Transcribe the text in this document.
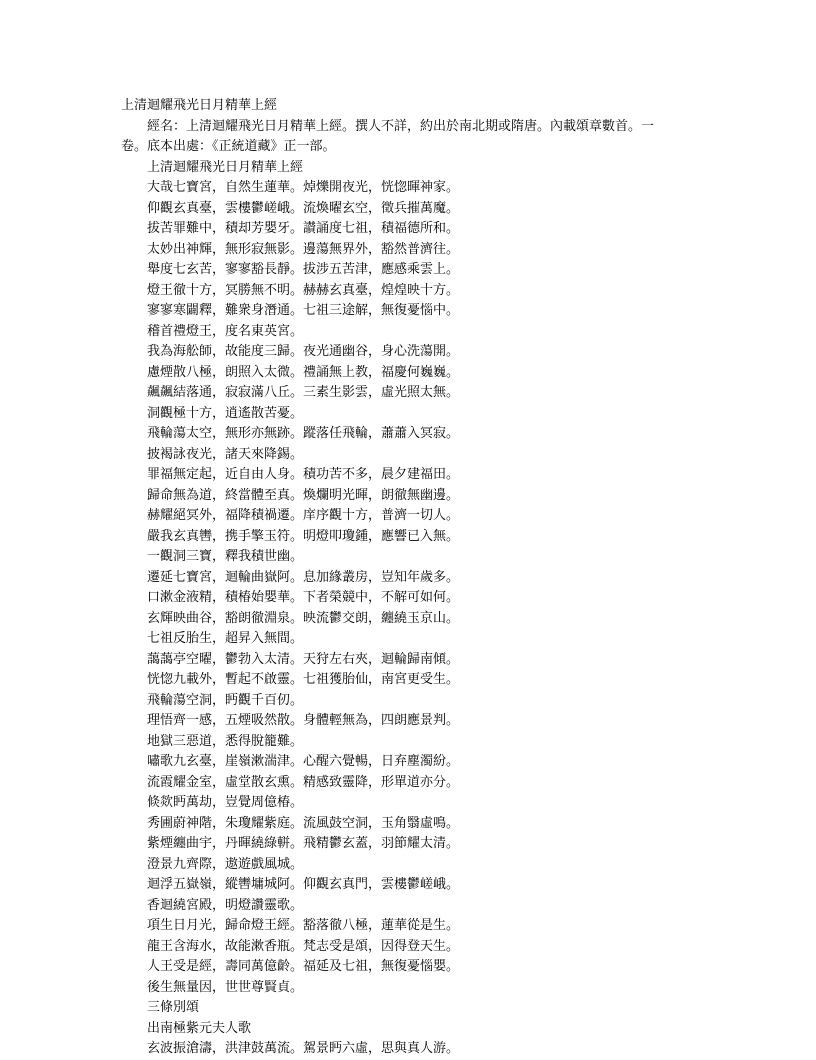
上清迴耀飛光日月精華上經
經名：上清迴耀飛光日月精華上經。撰人不詳，約出於南北期或隋唐。內載頌章數首。一
卷。底本出處：《正統道藏》正一部。
上清迴耀飛光日月精華上經
大哉七寶宮，自然生蓮華。焯爍開夜光，恍惚暉神家。
仰觀玄真臺，雲樓鬱嵯峨。流煥曜玄空，徵兵摧萬魔。
拔苦罪難中，積却芳嬰牙。讃誦度七祖，積福德所和。
太妙出神輝，無形寂無影。邊蕩無界外，豁然普濟往。
舉度七玄苦，寥寥豁長靜。拔涉五苦津，應感乘雲上。
燈王徹十方，冥勝無不明。赫赫玄真臺，煌煌映十方。
寥寥寒闢釋，難衆身潛通。七祖三途解，無復憂惱中。
稽首禮燈王，度名東英宮。
我為海舩師，故能度三歸。夜光通幽谷，身心洗蕩開。
慮煙散八極，朗照入太微。禮誦無上教，福慶何巍巍。
飆飆結落通，寂寂滿八丘。三素生影雲，虛光照太無。
洞觀極十方，逍遙散苦憂。
飛輪蕩太空，無形亦無跡。蹤落任飛輪，蕭蕭入冥寂。
披褐詠夜光，諸天來降錫。
罪福無定起，近自由人身。積功苦不多，晨夕建福田。
歸命無為道，終當體至真。煥爛明光暉，朗徹無幽邊。
赫耀絕冥外，福降積禍遷。庠序觀十方，普濟一切人。
嚴我玄真轡，携手擎玉符。明燈叩瓊鍾，應響已入無。
一觀洞三寶，釋我積世幽。
遷延七寶宮，迴輪曲嶽阿。息加緣叢房，豈知年歲多。
口漱金液精，積椿始嬰華。下者榮競中，不解可如何。
玄輝映曲谷，豁朗徹淵泉。映流鬱交朗，纏繞玉京山。
七祖反胎生，超昇入無間。
藹藹亭空曜，鬱勃入太清。天狩左右夾，迴輪歸南傾。
恍惚九載外，暫起不啟靈。七祖獲胎仙，南宮更受生。
飛輪蕩空洞，眄觀千百仞。
理悟齊一感，五煙吸然散。身體輕無為，四朗應景判。
地獄三惡道，悉得脫籠難。
嘯歌九玄臺，崖嶺漱湍津。心醒六覺暢，日弃塵濁紛。
流霞耀金室，虛堂散玄熏。精感致靈降，形單道亦分。
倐欻眄萬劫，豈覺周億椿。
秀圃蔚神階，朱瓊耀紫庭。流風鼓空洞，玉角翳虛鳴。
紫煙纏曲宇，丹暉繞綠軿。飛精鬱玄蓋，羽節耀太清。
澄景九齊際，遨遊戲風城。
迴浮五嶽嶺，縱轡墉城阿。仰觀玄真門，雲樓鬱嵯峨。
香迴繞宮殿，明燈讚靈歌。
項生日月光，歸命燈王經。豁落徹八極，蓮華從是生。
龍王含海水，故能漱香瓶。梵志受是頌，因得登天生。
人王受是經，壽同萬億齡。福延及七祖，無復憂惱嬰。
後生無量因，世世尊賢貞。
三條別頌
出南極紫元夫人歌
玄波振滄濤，洪津鼓萬流。駕景眄六虛，思與真人游。
